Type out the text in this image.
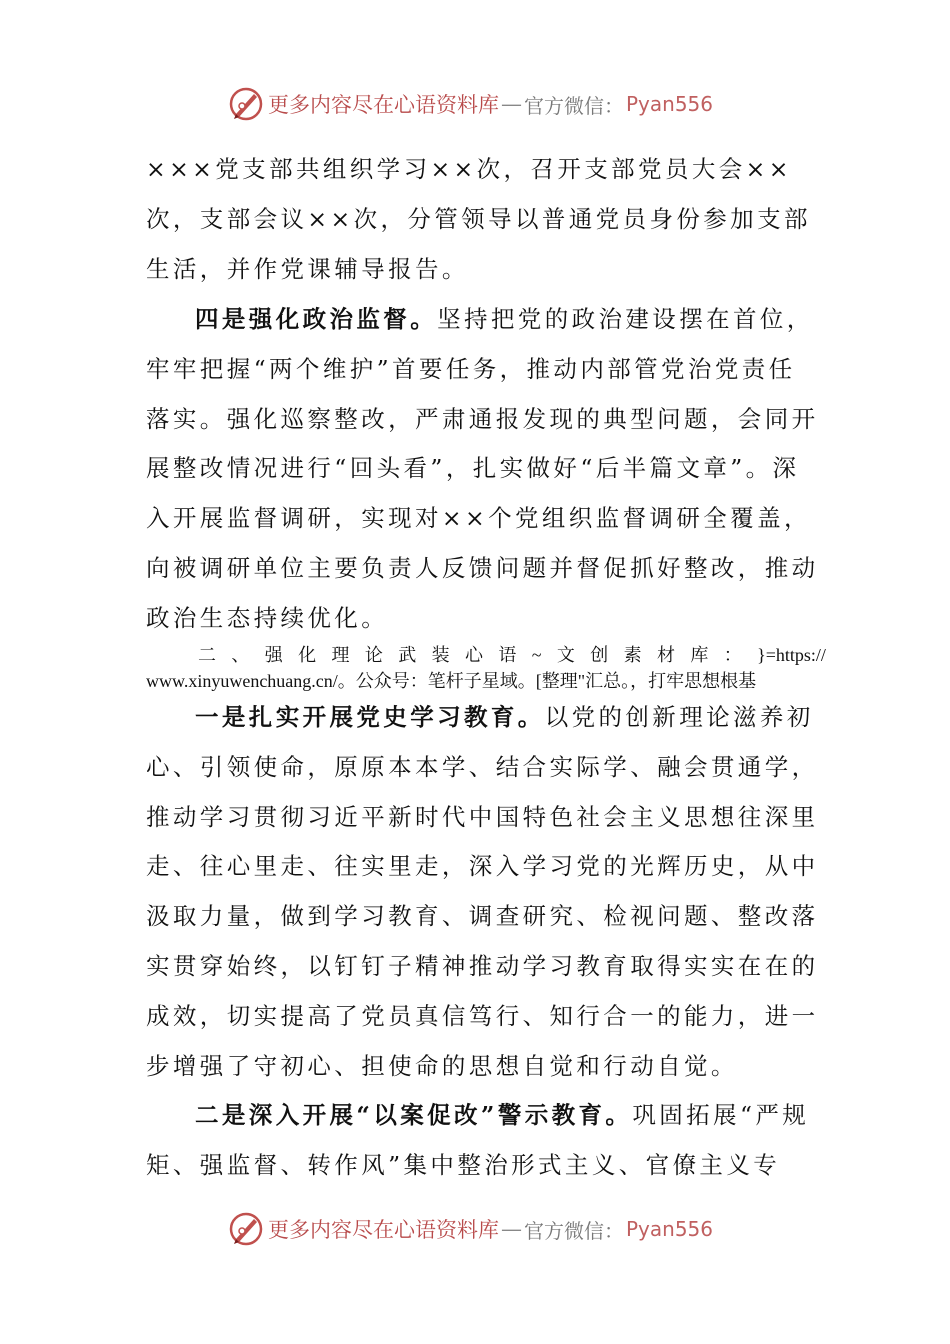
更多内容尽在心语资料库 — 官方微信： Pyan556

×××党支部共组织学习××次，召开支部党员大会××次，支部会议××次，分管领导以普通党员身份参加支部生活，并作党课辅导报告。

四是强化政治监督。坚持把党的政治建设摆在首位，牢牢把握“两个维护”首要任务，推动内部管党治党责任落实。强化巡察整改，严肃通报发现的典型问题，会同开展整改情况进行“回头看”，扎实做好“后半篇文章”。深入开展监督调研，实现对××个党组织监督调研全覆盖，向被调研单位主要负责人反馈问题并督促抓好整改，推动政治生态持续优化。

二 、 强 化 理 论 武 装 心 语 ~ 文 创 素 材 库 ： }=https://
www.xinyuwenchuang.cn/。公众号：笔杆子星域。[整理"汇总。，打牢思想根基

一是扎实开展党史学习教育。以党的创新理论滋养初心、引领使命，原原本本学、结合实际学、融会贯通学，推动学习贯彻习近平新时代中国特色社会主义思想往深里走、往心里走、往实里走，深入学习党的光辉历史，从中汲取力量，做到学习教育、调查研究、检视问题、整改落实贯穿始终，以钉钉子精神推动学习教育取得实实在在的成效，切实提高了党员真信笃行、知行合一的能力，进一步增强了守初心、担使命的思想自觉和行动自觉。

二是深入开展“以案促改”警示教育。巩固拓展“严规矩、强监督、转作风”集中整治形式主义、官僚主义专

更多内容尽在心语资料库 — 官方微信： Pyan556
